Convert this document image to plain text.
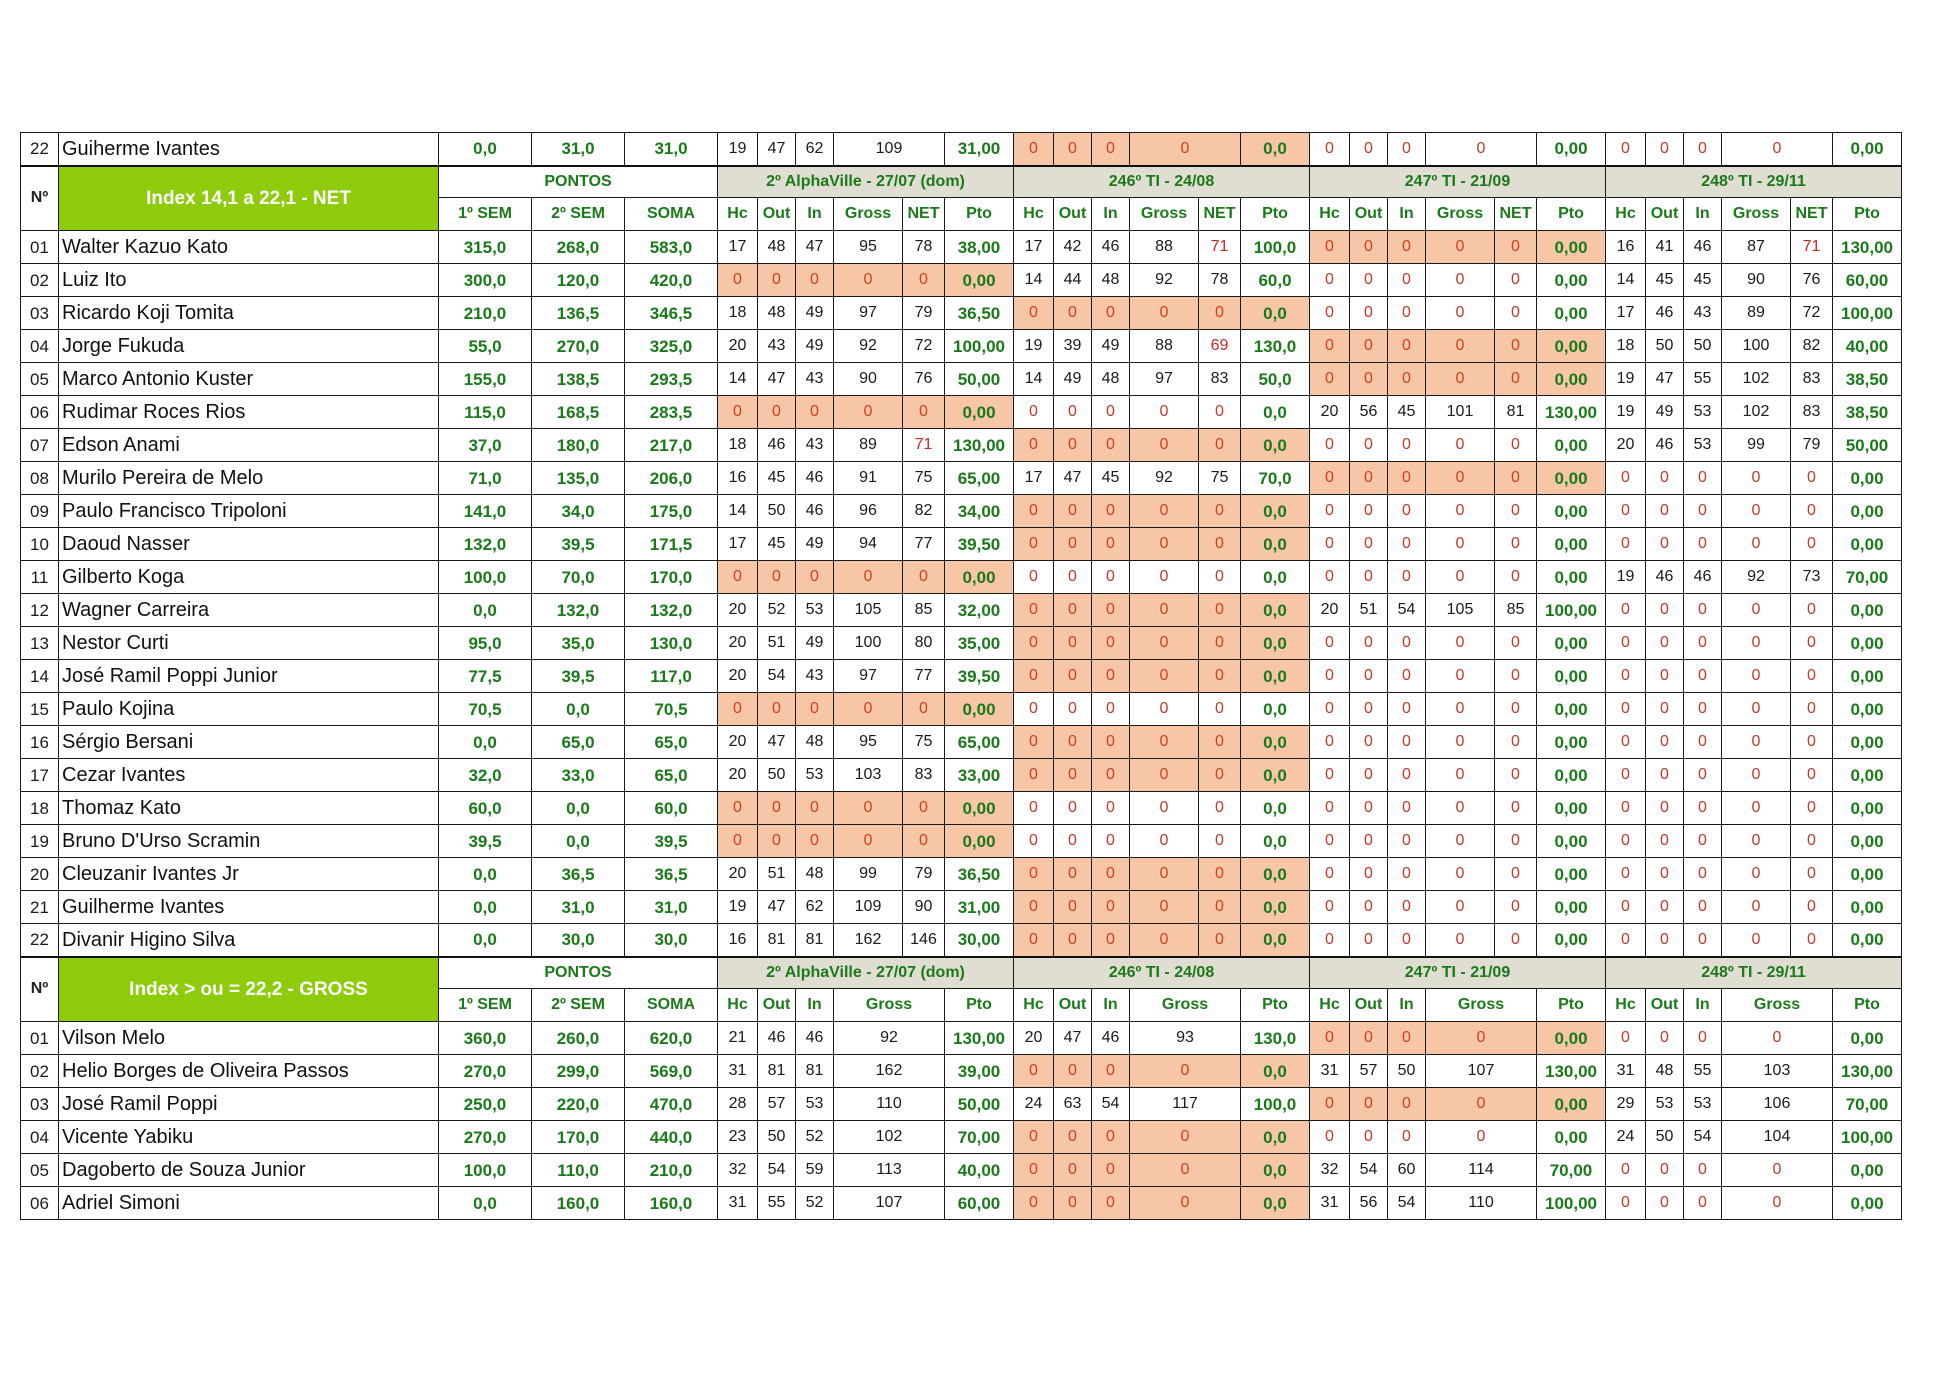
22	Guiherme Ivantes	0,0	31,0	31,0	19	47	62	109		31,00	0	0	0	0		0,0	0	0	0	0		0,00	0	0	0	0		0,00
Nº	Index 14,1 a 22,1 - NET	PONTOS			2º AlphaVille - 27/07 (dom)						246º TI - 24/08						247º TI - 21/09						248º TI - 29/11					
		1º SEM	2º SEM	SOMA	Hc	Out	In	Gross	NET	Pto	Hc	Out	In	Gross	NET	Pto	Hc	Out	In	Gross	NET	Pto	Hc	Out	In	Gross	NET	Pto
01	Walter Kazuo Kato	315,0	268,0	583,0	17	48	47	95	78	38,00	17	42	46	88	71	100,0	0	0	0	0	0	0,00	16	41	46	87	71	130,00
02	Luiz Ito	300,0	120,0	420,0	0	0	0	0	0	0,00	14	44	48	92	78	60,0	0	0	0	0	0	0,00	14	45	45	90	76	60,00
03	Ricardo Koji Tomita	210,0	136,5	346,5	18	48	49	97	79	36,50	0	0	0	0	0	0,0	0	0	0	0	0	0,00	17	46	43	89	72	100,00
04	Jorge Fukuda	55,0	270,0	325,0	20	43	49	92	72	100,00	19	39	49	88	69	130,0	0	0	0	0	0	0,00	18	50	50	100	82	40,00
05	Marco Antonio Kuster	155,0	138,5	293,5	14	47	43	90	76	50,00	14	49	48	97	83	50,0	0	0	0	0	0	0,00	19	47	55	102	83	38,50
06	Rudimar Roces Rios	115,0	168,5	283,5	0	0	0	0	0	0,00	0	0	0	0	0	0,0	20	56	45	101	81	130,00	19	49	53	102	83	38,50
07	Edson Anami	37,0	180,0	217,0	18	46	43	89	71	130,00	0	0	0	0	0	0,0	0	0	0	0	0	0,00	20	46	53	99	79	50,00
08	Murilo Pereira de Melo	71,0	135,0	206,0	16	45	46	91	75	65,00	17	47	45	92	75	70,0	0	0	0	0	0	0,00	0	0	0	0	0	0,00
09	Paulo Francisco Tripoloni	141,0	34,0	175,0	14	50	46	96	82	34,00	0	0	0	0	0	0,0	0	0	0	0	0	0,00	0	0	0	0	0	0,00
10	Daoud Nasser	132,0	39,5	171,5	17	45	49	94	77	39,50	0	0	0	0	0	0,0	0	0	0	0	0	0,00	0	0	0	0	0	0,00
11	Gilberto Koga	100,0	70,0	170,0	0	0	0	0	0	0,00	0	0	0	0	0	0,0	0	0	0	0	0	0,00	19	46	46	92	73	70,00
12	Wagner Carreira	0,0	132,0	132,0	20	52	53	105	85	32,00	0	0	0	0	0	0,0	20	51	54	105	85	100,00	0	0	0	0	0	0,00
13	Nestor Curti	95,0	35,0	130,0	20	51	49	100	80	35,00	0	0	0	0	0	0,0	0	0	0	0	0	0,00	0	0	0	0	0	0,00
14	José Ramil Poppi Junior	77,5	39,5	117,0	20	54	43	97	77	39,50	0	0	0	0	0	0,0	0	0	0	0	0	0,00	0	0	0	0	0	0,00
15	Paulo Kojina	70,5	0,0	70,5	0	0	0	0	0	0,00	0	0	0	0	0	0,0	0	0	0	0	0	0,00	0	0	0	0	0	0,00
16	Sérgio Bersani	0,0	65,0	65,0	20	47	48	95	75	65,00	0	0	0	0	0	0,0	0	0	0	0	0	0,00	0	0	0	0	0	0,00
17	Cezar Ivantes	32,0	33,0	65,0	20	50	53	103	83	33,00	0	0	0	0	0	0,0	0	0	0	0	0	0,00	0	0	0	0	0	0,00
18	Thomaz Kato	60,0	0,0	60,0	0	0	0	0	0	0,00	0	0	0	0	0	0,0	0	0	0	0	0	0,00	0	0	0	0	0	0,00
19	Bruno D'Urso Scramin	39,5	0,0	39,5	0	0	0	0	0	0,00	0	0	0	0	0	0,0	0	0	0	0	0	0,00	0	0	0	0	0	0,00
20	Cleuzanir Ivantes Jr	0,0	36,5	36,5	20	51	48	99	79	36,50	0	0	0	0	0	0,0	0	0	0	0	0	0,00	0	0	0	0	0	0,00
21	Guilherme Ivantes	0,0	31,0	31,0	19	47	62	109	90	31,00	0	0	0	0	0	0,0	0	0	0	0	0	0,00	0	0	0	0	0	0,00
22	Divanir Higino Silva	0,0	30,0	30,0	16	81	81	162	146	30,00	0	0	0	0	0	0,0	0	0	0	0	0	0,00	0	0	0	0	0	0,00
Nº	Index > ou = 22,2 - GROSS	PONTOS			2º AlphaVille - 27/07 (dom)						246º TI - 24/08						247º TI - 21/09						248º TI - 29/11					
		1º SEM	2º SEM	SOMA	Hc	Out	In	Gross		Pto	Hc	Out	In	Gross		Pto	Hc	Out	In	Gross		Pto	Hc	Out	In	Gross		Pto
01	Vilson Melo	360,0	260,0	620,0	21	46	46	92		130,00	20	47	46	93		130,0	0	0	0	0		0,00	0	0	0	0		0,00
02	Helio Borges de Oliveira Passos	270,0	299,0	569,0	31	81	81	162		39,00	0	0	0	0		0,0	31	57	50	107		130,00	31	48	55	103		130,00
03	José Ramil Poppi	250,0	220,0	470,0	28	57	53	110		50,00	24	63	54	117		100,0	0	0	0	0		0,00	29	53	53	106		70,00
04	Vicente Yabiku	270,0	170,0	440,0	23	50	52	102		70,00	0	0	0	0		0,0	0	0	0	0		0,00	24	50	54	104		100,00
05	Dagoberto de Souza Junior	100,0	110,0	210,0	32	54	59	113		40,00	0	0	0	0		0,0	32	54	60	114		70,00	0	0	0	0		0,00
06	Adriel Simoni	0,0	160,0	160,0	31	55	52	107		60,00	0	0	0	0		0,0	31	56	54	110		100,00	0	0	0	0		0,00
